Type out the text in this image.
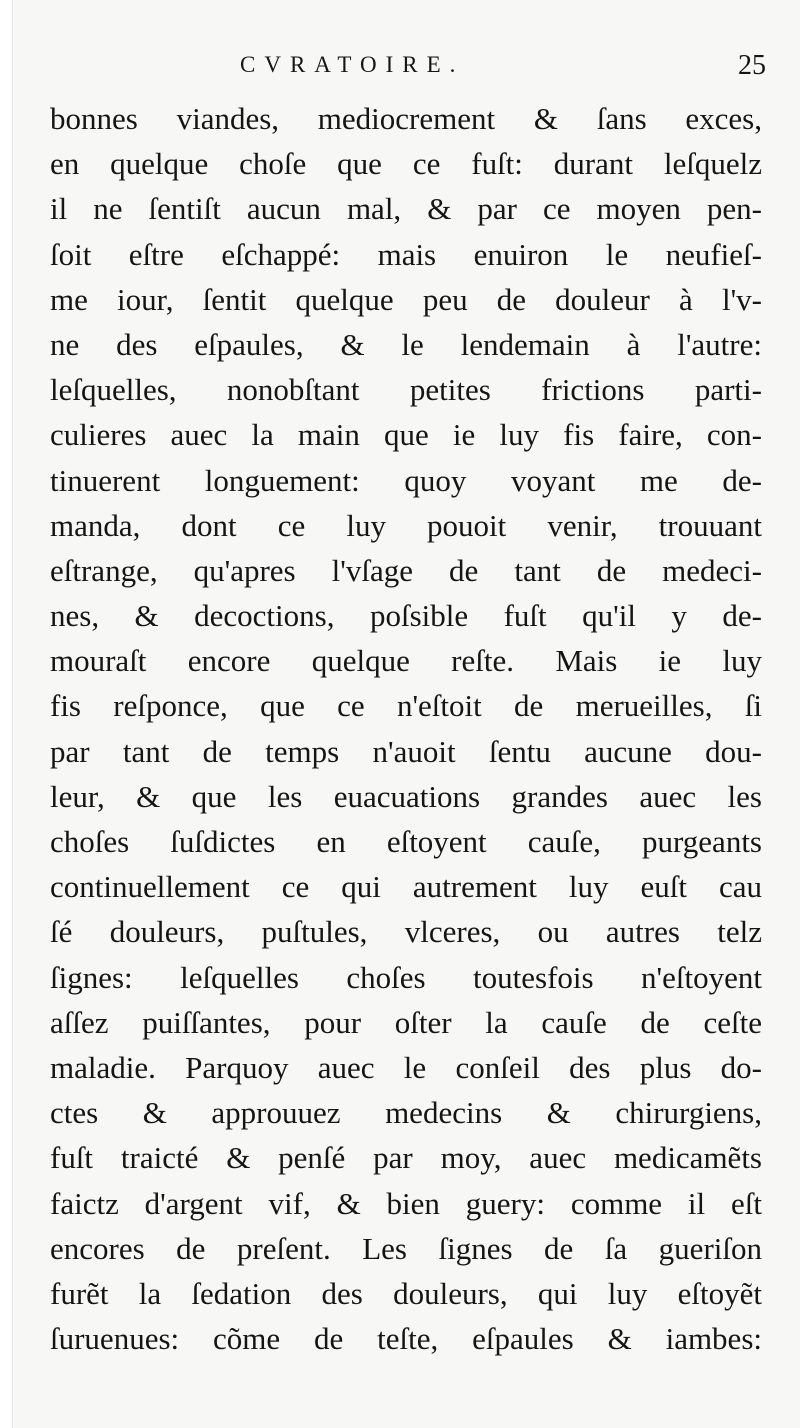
CVRATOIRE.	25
bonnes viandes, mediocrement & ſans exces,
en quelque choſe que ce fuſt: durant leſquelz
il ne ſentiſt aucun mal, & par ce moyen pen-
ſoit eſtre eſchappé: mais enuiron le neufieſ-
me iour, ſentit quelque peu de douleur à l'v-
ne des eſpaules, & le lendemain à l'autre:
leſquelles, nonobſtant petites frictions parti-
culieres auec la main que ie luy fis faire, con-
tinuerent longuement: quoy voyant me de-
manda, dont ce luy pouoit venir, trouuant
eſtrange, qu'apres l'vſage de tant de medeci-
nes, & decoctions, poſsible fuſt qu'il y de-
mouraſt encore quelque reſte. Mais ie luy
fis reſponce, que ce n'eſtoit de merueilles, ſi
par tant de temps n'auoit ſentu aucune dou-
leur, & que les euacuations grandes auec les
choſes ſuſdictes en eſtoyent cauſe, purgeants
continuellement ce qui autrement luy euſt cau
ſé douleurs, puſtules, vlceres, ou autres telz
ſignes: leſquelles choſes toutesfois n'eſtoyent
aſſez puiſſantes, pour oſter la cauſe de ceſte
maladie. Parquoy auec le conſeil des plus do-
ctes & approuuez medecins & chirurgiens,
fuſt traicté & penſé par moy, auec medicamẽts
faictz d'argent vif, & bien guery: comme il eſt
encores de preſent. Les ſignes de ſa gueriſon
furẽt la ſedation des douleurs, qui luy eſtoyẽt
ſuruenues: cõme de teſte, eſpaules & iambes:
